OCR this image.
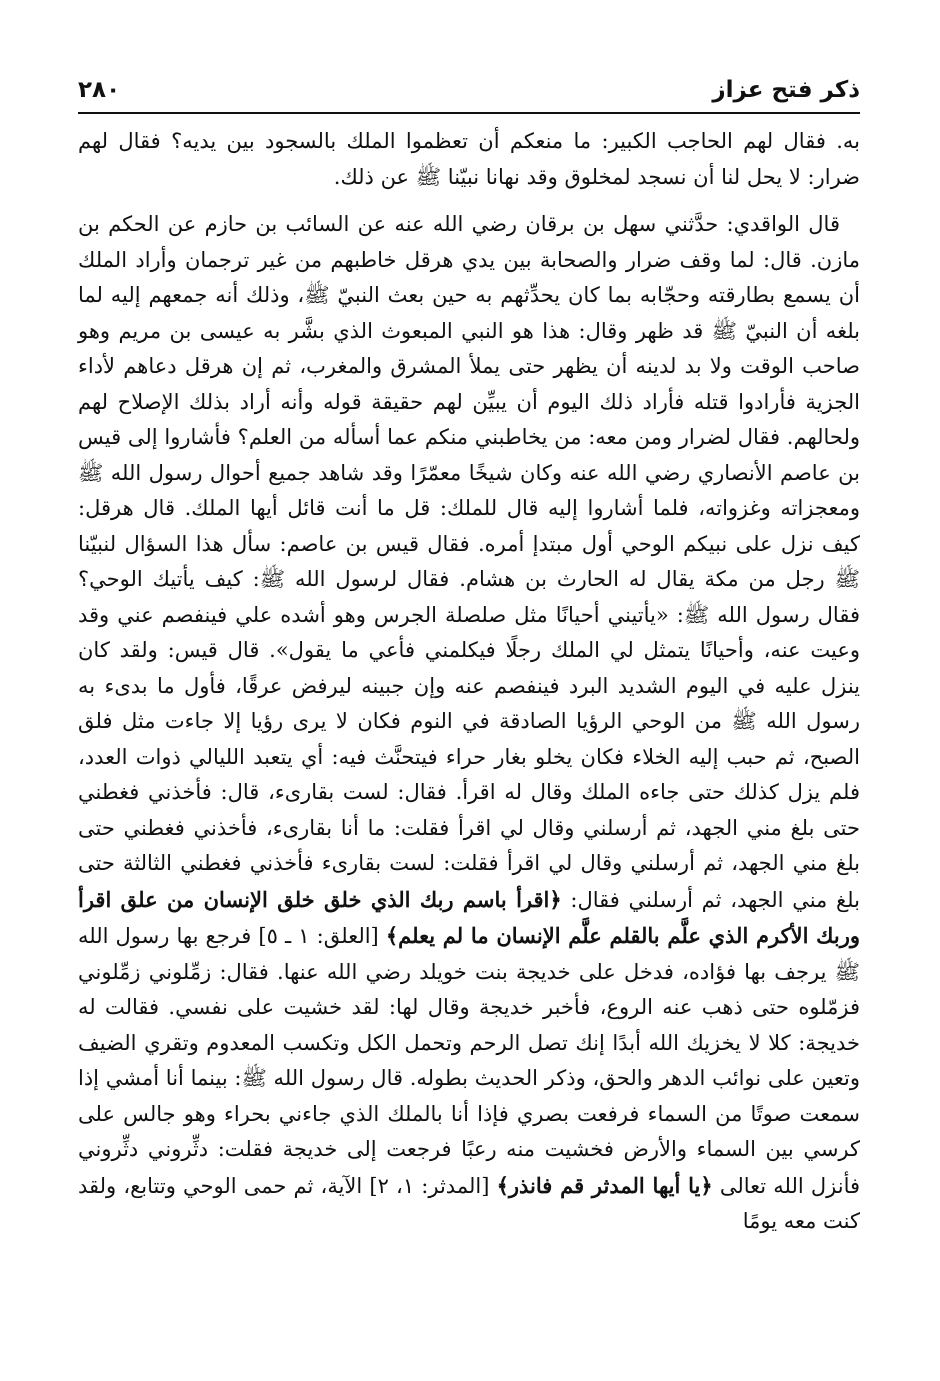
ذكر فتح عزاز
٢٨٠

به. فقال لهم الحاجب الكبير: ما منعكم أن تعظموا الملك بالسجود بين يديه؟ فقال لهم ضرار: لا يحل لنا أن نسجد لمخلوق وقد نهانا نبيّنا ﷺ عن ذلك.

قال الواقدي: حدَّثني سهل بن برقان رضي الله عنه عن السائب بن حازم عن الحكم بن مازن. قال: لما وقف ضرار والصحابة بين يدي هرقل خاطبهم من غير ترجمان وأراد الملك أن يسمع بطارقته وحجّابه بما كان يحدِّثهم به حين بعث النبيّ ﷺ، وذلك أنه جمعهم إليه لما بلغه أن النبيّ ﷺ قد ظهر وقال: هذا هو النبي المبعوث الذي بشَّر به عيسى بن مريم وهو صاحب الوقت ولا بد لدينه أن يظهر حتى يملأ المشرق والمغرب، ثم إن هرقل دعاهم لأداء الجزية فأرادوا قتله فأراد ذلك اليوم أن يبيِّن لهم حقيقة قوله وأنه أراد بذلك الإصلاح لهم ولحالهم. فقال لضرار ومن معه: من يخاطبني منكم عما أسأله من العلم؟ فأشاروا إلى قيس بن عاصم الأنصاري رضي الله عنه وكان شيخًا معمّرًا وقد شاهد جميع أحوال رسول الله ﷺ ومعجزاته وغزواته، فلما أشاروا إليه قال للملك: قل ما أنت قائل أيها الملك. قال هرقل: كيف نزل على نبيكم الوحي أول مبتدإ أمره. فقال قيس بن عاصم: سأل هذا السؤال لنبيّنا ﷺ رجل من مكة يقال له الحارث بن هشام. فقال لرسول الله ﷺ: كيف يأتيك الوحي؟ فقال رسول الله ﷺ: «يأتيني أحيانًا مثل صلصلة الجرس وهو أشده علي فينفصم عني وقد وعيت عنه، وأحيانًا يتمثل لي الملك رجلًا فيكلمني فأعي ما يقول». قال قيس: ولقد كان ينزل عليه في اليوم الشديد البرد فينفصم عنه وإن جبينه ليرفض عرقًا، فأول ما بدىء به رسول الله ﷺ من الوحي الرؤيا الصادقة في النوم فكان لا يرى رؤيا إلا جاءت مثل فلق الصبح، ثم حبب إليه الخلاء فكان يخلو بغار حراء فيتحنَّث فيه: أي يتعبد الليالي ذوات العدد، فلم يزل كذلك حتى جاءه الملك وقال له اقرأ. فقال: لست بقارىء، قال: فأخذني فغطني حتى بلغ مني الجهد، ثم أرسلني وقال لي اقرأ فقلت: ما أنا بقارىء، فأخذني فغطني حتى بلغ مني الجهد، ثم أرسلني وقال لي اقرأ فقلت: لست بقارىء فأخذني فغطني الثالثة حتى بلغ مني الجهد، ثم أرسلني فقال: ﴿اقرأ باسم ربك الذي خلق خلق الإنسان من علق اقرأ وربك الأكرم الذي علَّم بالقلم علَّم الإنسان ما لم يعلم﴾ [العلق: ١ ـ ٥] فرجع بها رسول الله ﷺ يرجف بها فؤاده، فدخل على خديجة بنت خويلد رضي الله عنها. فقال: زمِّلوني زمِّلوني فزمّلوه حتى ذهب عنه الروع، فأخبر خديجة وقال لها: لقد خشيت على نفسي. فقالت له خديجة: كلا لا يخزيك الله أبدًا إنك تصل الرحم وتحمل الكل وتكسب المعدوم وتقري الضيف وتعين على نوائب الدهر والحق، وذكر الحديث بطوله. قال رسول الله ﷺ: بينما أنا أمشي إذا سمعت صوتًا من السماء فرفعت بصري فإذا أنا بالملك الذي جاءني بحراء وهو جالس على كرسي بين السماء والأرض فخشيت منه رعبًا فرجعت إلى خديجة فقلت: دثِّروني دثِّروني فأنزل الله تعالى ﴿يا أيها المدثر قم فانذر﴾ [المدثر: ١، ٢] الآية، ثم حمى الوحي وتتابع، ولقد كنت معه يومًا
